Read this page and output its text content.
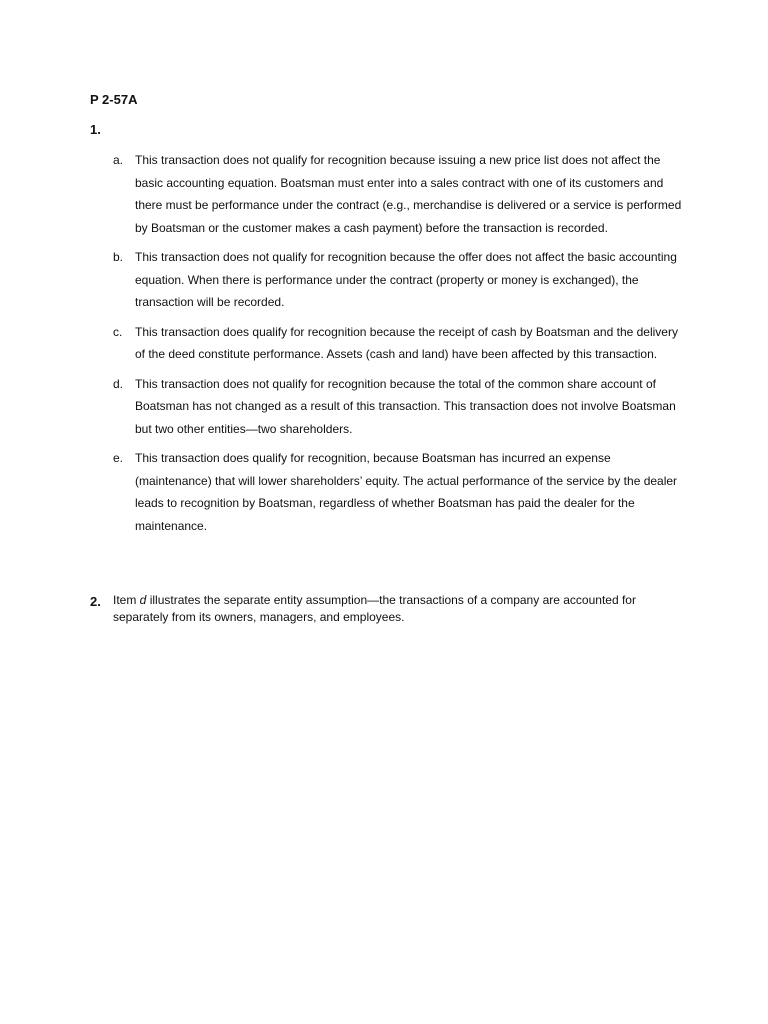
P 2-57A
1.
a. This transaction does not qualify for recognition because issuing a new price list does not affect the basic accounting equation. Boatsman must enter into a sales contract with one of its customers and there must be performance under the contract (e.g., merchandise is delivered or a service is performed by Boatsman or the customer makes a cash payment) before the transaction is recorded.
b. This transaction does not qualify for recognition because the offer does not affect the basic accounting equation. When there is performance under the contract (property or money is exchanged), the transaction will be recorded.
c.	This transaction does qualify for recognition because the receipt of cash by Boatsman and the delivery of the deed constitute performance. Assets (cash and land) have been affected by this transaction.
d. This transaction does not qualify for recognition because the total of the common share account of Boatsman has not changed as a result of this transaction. This transaction does not involve Boatsman but two other entities—two shareholders.
e. This transaction does qualify for recognition, because Boatsman has incurred an expense (maintenance) that will lower shareholders’ equity. The actual performance of the service by the dealer leads to recognition by Boatsman, regardless of whether Boatsman has paid the dealer for the maintenance.
2. Item d illustrates the separate entity assumption—the transactions of a company are accounted for separately from its owners, managers, and employees.
